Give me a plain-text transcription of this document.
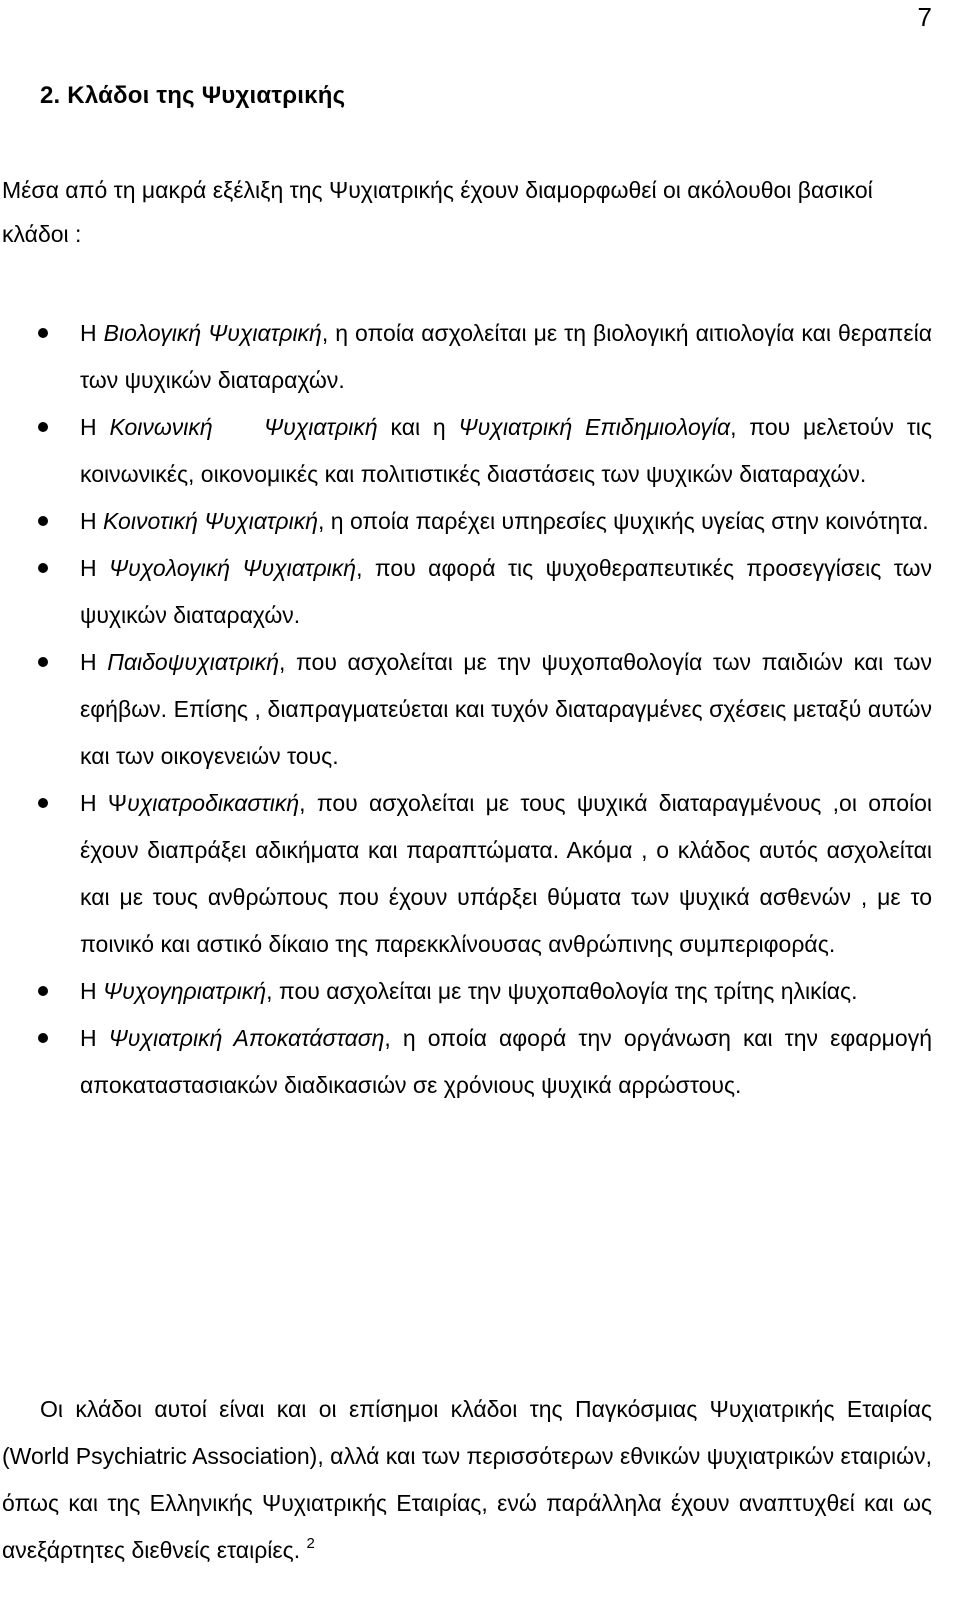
7
2. Κλάδοι της Ψυχιατρικής

Μέσα από τη μακρά εξέλιξη της Ψυχιατρικής έχουν διαμορφωθεί οι ακόλουθοι βασικοί κλάδοι :

Η Βιολογική Ψυχιατρική, η οποία ασχολείται με τη βιολογική αιτιολογία και θεραπεία των ψυχικών διαταραχών.
Η Κοινωνική    Ψυχιατρική και η Ψυχιατρική Επιδημιολογία, που μελετούν τις κοινωνικές, οικονομικές και πολιτιστικές διαστάσεις των ψυχικών διαταραχών.
Η Κοινοτική Ψυχιατρική, η οποία παρέχει υπηρεσίες ψυχικής υγείας στην κοινότητα.
Η Ψυχολογική Ψυχιατρική, που αφορά τις ψυχοθεραπευτικές προσεγγίσεις των ψυχικών διαταραχών.
Η Παιδοψυχιατρική, που ασχολείται με την ψυχοπαθολογία των παιδιών και των εφήβων. Επίσης , διαπραγματεύεται και τυχόν διαταραγμένες σχέσεις μεταξύ αυτών και των οικογενειών τους.
Η Ψυχιατροδικαστική, που ασχολείται με τους ψυχικά διαταραγμένους ,οι οποίοι έχουν διαπράξει αδικήματα και παραπτώματα. Ακόμα , ο κλάδος αυτός ασχολείται και με τους ανθρώπους που έχουν υπάρξει θύματα των ψυχικά ασθενών , με το ποινικό και αστικό δίκαιο της παρεκκλίνουσας ανθρώπινης συμπεριφοράς.
Η Ψυχογηριατρική, που ασχολείται με την ψυχοπαθολογία της τρίτης ηλικίας.
Η Ψυχιατρική Αποκατάσταση, η οποία αφορά την οργάνωση και την εφαρμογή αποκαταστασιακών διαδικασιών σε χρόνιους ψυχικά αρρώστους.

Οι κλάδοι αυτοί είναι και οι επίσημοι κλάδοι της Παγκόσμιας Ψυχιατρικής Εταιρίας (World Psychiatric Association), αλλά και των περισσότερων εθνικών ψυχιατρικών εταιριών, όπως και της Ελληνικής Ψυχιατρικής Εταιρίας, ενώ παράλληλα έχουν αναπτυχθεί και ως ανεξάρτητες διεθνείς εταιρίες. $^2$
